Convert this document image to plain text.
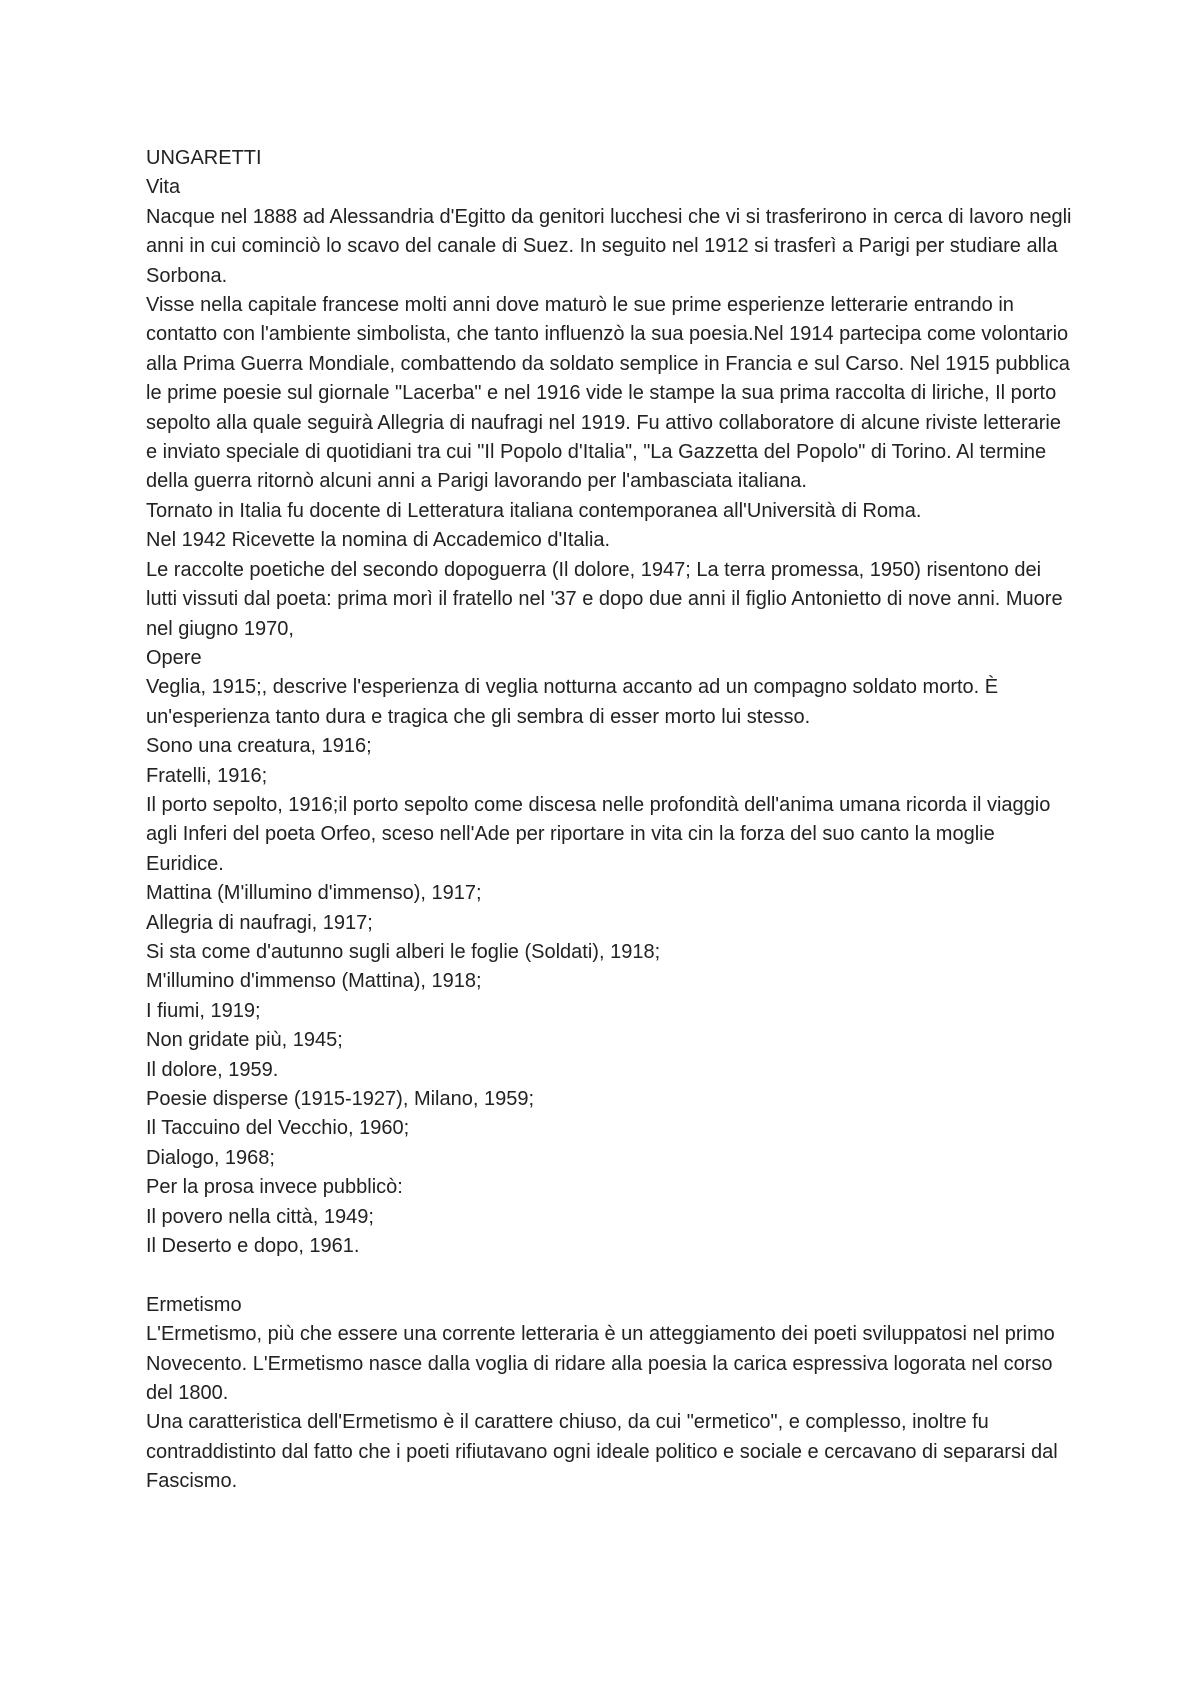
UNGARETTI
Vita
Nacque nel 1888 ad Alessandria d'Egitto da genitori lucchesi che vi si trasferirono in cerca di lavoro negli anni in cui cominciò lo scavo del canale di Suez. In seguito nel 1912 si trasferì a Parigi per studiare alla Sorbona.
Visse nella capitale francese molti anni dove maturò le sue prime esperienze letterarie entrando in contatto con l'ambiente simbolista, che tanto influenzò la sua poesia.Nel 1914 partecipa come volontario alla Prima Guerra Mondiale, combattendo da soldato semplice in Francia e sul Carso. Nel 1915 pubblica le prime poesie sul giornale "Lacerba" e nel 1916 vide le stampe la sua prima raccolta di liriche, Il porto sepolto alla quale seguirà Allegria di naufragi nel 1919. Fu attivo collaboratore di alcune riviste letterarie e inviato speciale di quotidiani tra cui "Il Popolo d'Italia", "La Gazzetta del Popolo" di Torino. Al termine della guerra ritornò alcuni anni a Parigi lavorando per l'ambasciata italiana.
Tornato in Italia fu docente di Letteratura italiana contemporanea all'Università di Roma.
Nel 1942 Ricevette la nomina di Accademico d'Italia.
Le raccolte poetiche del secondo dopoguerra (Il dolore, 1947; La terra promessa, 1950) risentono dei lutti vissuti dal poeta: prima morì il fratello nel '37 e dopo due anni il figlio Antonietto di nove anni. Muore nel giugno 1970,
Opere
Veglia, 1915;, descrive l'esperienza di veglia notturna accanto ad un compagno soldato morto. È un'esperienza tanto dura e tragica che gli sembra di esser morto lui stesso.
Sono una creatura, 1916;
Fratelli, 1916;
Il porto sepolto, 1916;il porto sepolto come discesa nelle profondità dell'anima umana ricorda il viaggio agli Inferi del poeta Orfeo, sceso nell'Ade per riportare in vita cin la forza del suo canto la moglie Euridice.
Mattina (M'illumino d'immenso), 1917;
Allegria di naufragi, 1917;
Si sta come d'autunno sugli alberi le foglie (Soldati), 1918;
M'illumino d'immenso (Mattina), 1918;
I fiumi, 1919;
Non gridate più, 1945;
Il dolore, 1959.
Poesie disperse (1915-1927), Milano, 1959;
Il Taccuino del Vecchio, 1960;
Dialogo, 1968;
Per la prosa invece pubblicò:
Il povero nella città, 1949;
Il Deserto e dopo, 1961.
Ermetismo
L'Ermetismo, più che essere una corrente letteraria è un atteggiamento dei poeti sviluppatosi nel primo Novecento. L'Ermetismo nasce dalla voglia di ridare alla poesia la carica espressiva logorata nel corso del 1800.
Una caratteristica dell'Ermetismo è il carattere chiuso, da cui "ermetico", e complesso, inoltre fu contraddistinto dal fatto che i poeti rifiutavano ogni ideale politico e sociale e cercavano di separarsi dal Fascismo.
